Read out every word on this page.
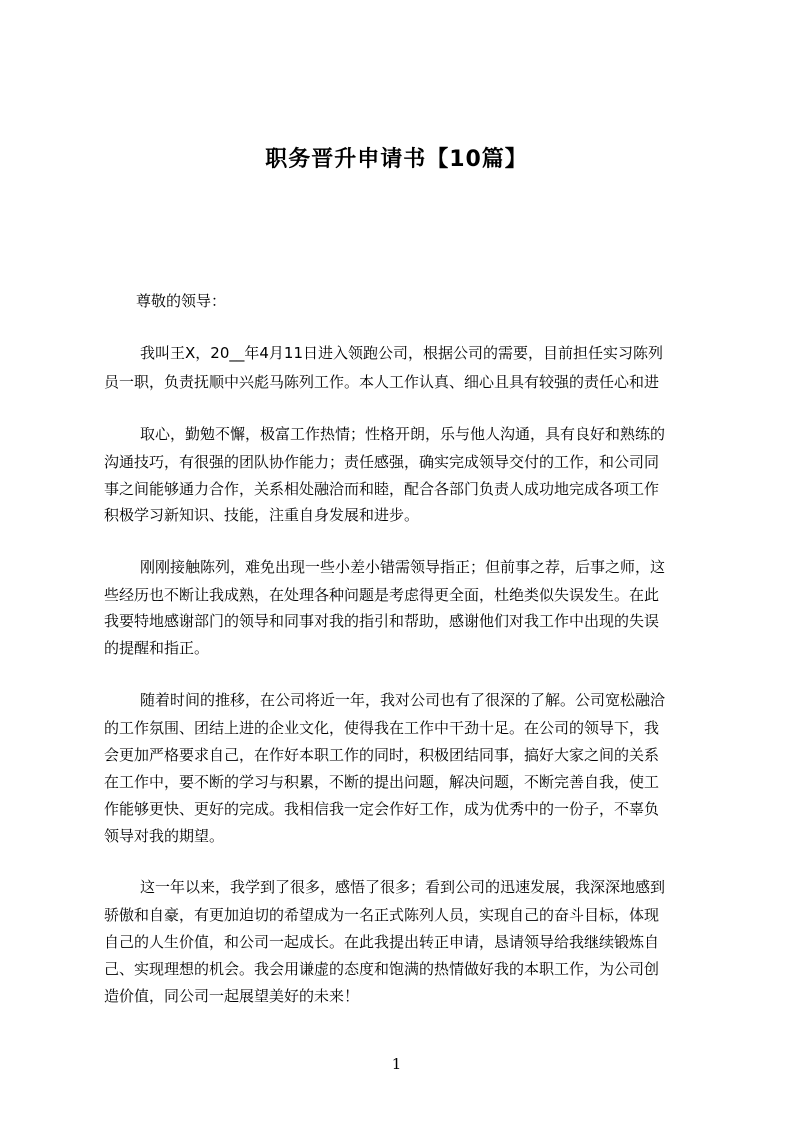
职务晋升申请书【10篇】
尊敬的领导：
我叫王X，20__年4月11日进入领跑公司，根据公司的需要，目前担任实习陈列
员一职，负责抚顺中兴彪马陈列工作。本人工作认真、细心且具有较强的责任心和进
取心，勤勉不懈，极富工作热情；性格开朗，乐与他人沟通，具有良好和熟练的
沟通技巧，有很强的团队协作能力；责任感强，确实完成领导交付的工作，和公司同
事之间能够通力合作，关系相处融洽而和睦，配合各部门负责人成功地完成各项工作
积极学习新知识、技能，注重自身发展和进步。
刚刚接触陈列，难免出现一些小差小错需领导指正；但前事之荐，后事之师，这
些经历也不断让我成熟，在处理各种问题是考虑得更全面，杜绝类似失误发生。在此
我要特地感谢部门的领导和同事对我的指引和帮助，感谢他们对我工作中出现的失误
的提醒和指正。
随着时间的推移，在公司将近一年，我对公司也有了很深的了解。公司宽松融洽
的工作氛围、团结上进的企业文化，使得我在工作中干劲十足。在公司的领导下，我
会更加严格要求自己，在作好本职工作的同时，积极团结同事，搞好大家之间的关系
在工作中，要不断的学习与积累，不断的提出问题，解决问题，不断完善自我，使工
作能够更快、更好的完成。我相信我一定会作好工作，成为优秀中的一份子，不辜负
领导对我的期望。
这一年以来，我学到了很多，感悟了很多；看到公司的迅速发展，我深深地感到
骄傲和自豪，有更加迫切的希望成为一名正式陈列人员，实现自己的奋斗目标，体现
自己的人生价值，和公司一起成长。在此我提出转正申请，恳请领导给我继续锻炼自
己、实现理想的机会。我会用谦虚的态度和饱满的热情做好我的本职工作，为公司创
造价值，同公司一起展望美好的未来！
1
